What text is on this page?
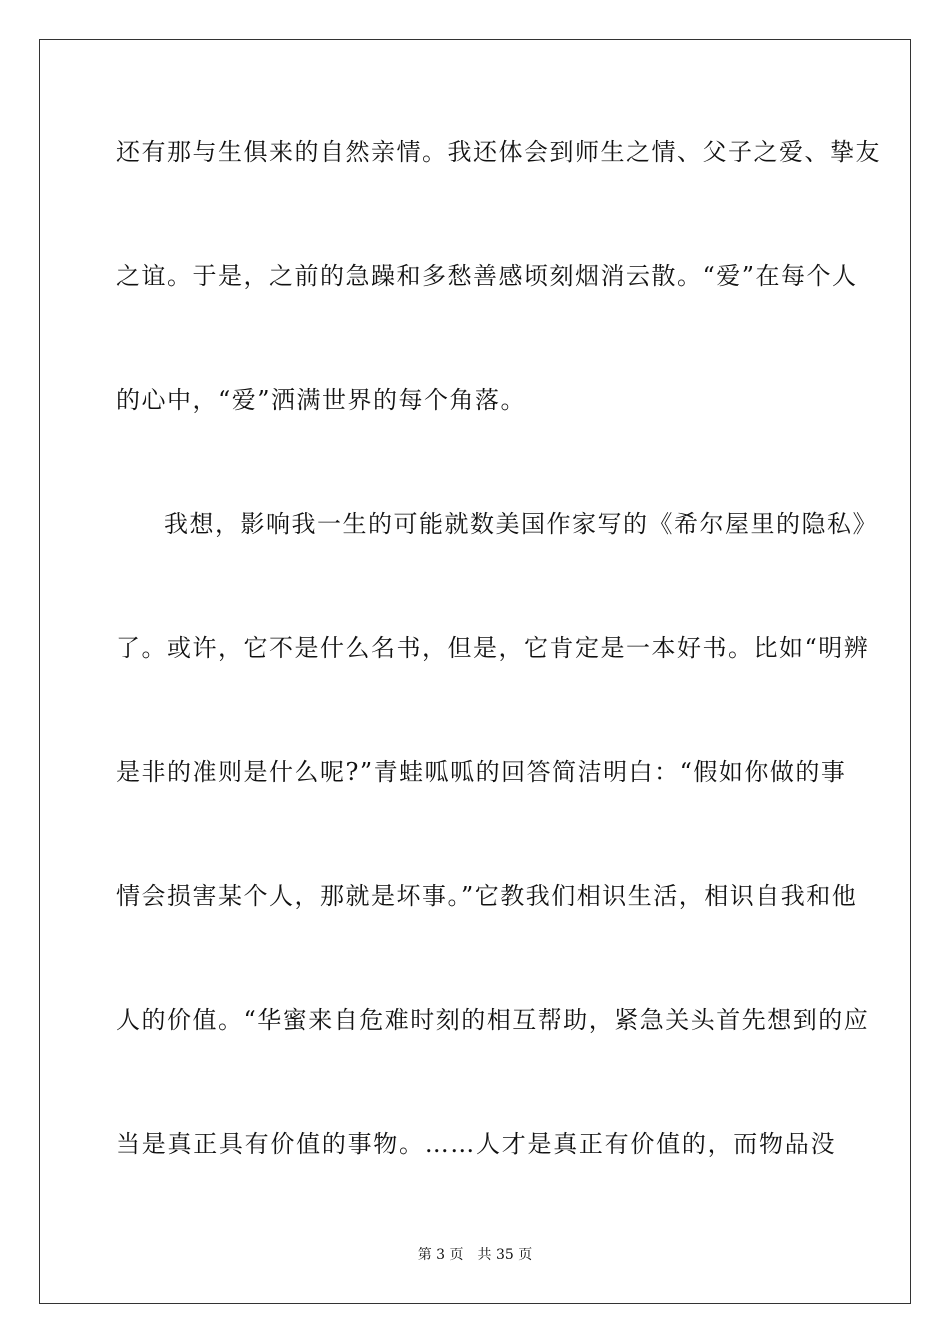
还有那与生俱来的自然亲情。我还体会到师生之情、父子之爱、挚友
之谊。于是，之前的急躁和多愁善感顷刻烟消云散。“爱”在每个人
的心中，“爱”洒满世界的每个角落。
我想，影响我一生的可能就数美国作家写的《希尔屋里的隐私》
了。或许，它不是什么名书，但是，它肯定是一本好书。比如“明辨
是非的准则是什么呢?”青蛙呱呱的回答简洁明白：“假如你做的事
情会损害某个人，那就是坏事。”它教我们相识生活，相识自我和他
人的价值。“华蜜来自危难时刻的相互帮助，紧急关头首先想到的应
当是真正具有价值的事物。……人才是真正有价值的，而物品没
第 3 页 共 35 页
